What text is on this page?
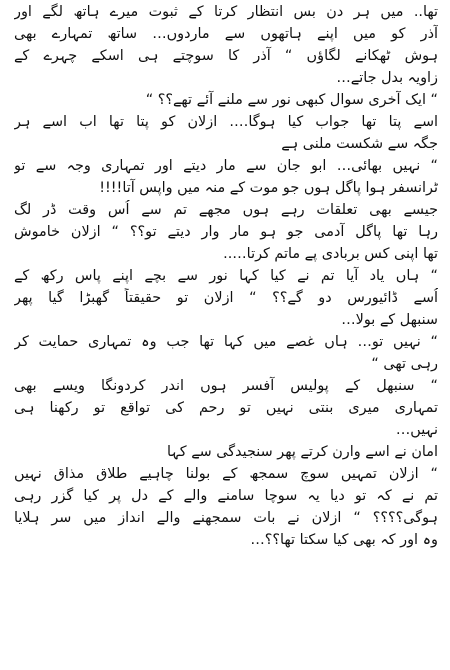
تھا.. میں ہر دن بس انتظار کرتا کے ثبوت میرے ہاتھ لگے اور
آذر کو میں اپنے ہاتھوں سے ماردوں… ساتھ تمہارے بھی
ہوش ٹھکانے لگاؤں “ آذر کا سوچتے ہی اسکے چہرے کے
زاویہ بدل جاتے…
“ ایک آخری سوال کبھی نور سے ملنے آئے تھے؟؟ “
اسے پتا تھا جواب کیا ہوگا…. ازلان کو پتا تھا اب اسے ہر
جگہ سے شکست ملنی ہے
“ نہیں بھائی… ابو جان سے مار دیتے اور تمہاری وجہ سے تو
ٹرانسفر ہوا پاگل ہوں جو موت کے منہ میں واپس آتا!!!!
جیسے بھی تعلقات رہے ہوں مجھے تم سے اُس وقت ڈر لگ
رہا تھا پاگل آدمی جو ہو مار وار دیتے تو؟؟ “ ازلان خاموش
تھا اپنی کس بربادی پے ماتم کرتا…..
“ ہاں یاد آیا تم نے کیا کہا نور سے بچے اپنے پاس رکھ کے
اُسے ڈائیورس دو گے؟؟ “ ازلان تو حقیقتاً گھبڑا گیا پھر
سنبھل کے بولا…
“ نہیں تو… ہاں غصے میں کہا تھا جب وہ تمہاری حمایت کر
رہی تھی “
“ سنبھل کے پولیس آفسر ہوں اندر کردونگا ویسے بھی
تمہاری میری بنتی نہیں تو رحم کی تواقع تو رکھنا ہی
نہیں…
امان نے اسے وارن کرتے پھر سنجیدگی سے کہا
“ ازلان تمہیں سوچ سمجھ کے بولنا چاہیے طلاق مذاق نہیں
تم نے کہ تو دیا یہ سوچا سامنے والے کے دل پر کیا گزر رہی
ہوگی؟؟؟؟ “ ازلان نے بات سمجھنے والے انداز میں سر ہلایا
وہ اور کہ بھی کیا سکتا تھا؟؟…
